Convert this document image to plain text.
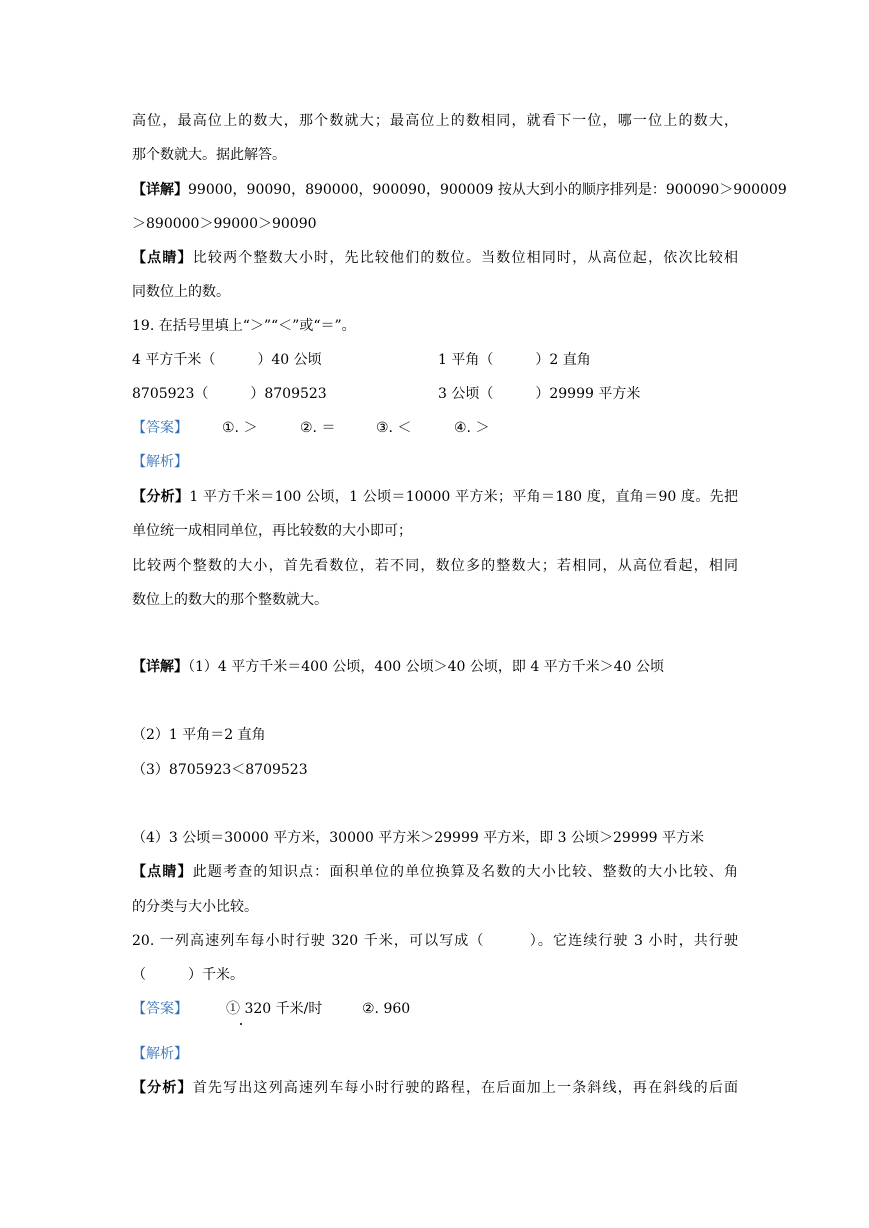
高位，最高位上的数大，那个数就大；最高位上的数相同，就看下一位，哪一位上的数大，
那个数就大。据此解答。
【详解】99000，90090，890000，900090，900009 按从大到小的顺序排列是：900090＞900009
＞890000＞99000＞90090
【点睛】比较两个整数大小时，先比较他们的数位。当数位相同时，从高位起，依次比较相
同数位上的数。
19. 在括号里填上“＞”“＜”或“＝”。
4 平方千米（　　　）40 公顷	1 平角（　　　）2 直角
8705923（　　　）8709523	3 公顷（　　　）29999 平方米
【答案】 ①. ＞	②. ＝	③. ＜	④. ＞
【解析】
【分析】1 平方千米＝100 公顷，1 公顷＝10000 平方米；平角＝180 度，直角＝90 度。先把
单位统一成相同单位，再比较数的大小即可；
比较两个整数的大小，首先看数位，若不同，数位多的整数大；若相同，从高位看起，相同
数位上的数大的那个整数就大。
【详解】（1）4 平方千米＝400 公顷，400 公顷＞40 公顷，即 4 平方千米＞40 公顷
（2）1 平角＝2 直角
（3）8705923＜8709523
（4）3 公顷＝30000 平方米，30000 平方米＞29999 平方米，即 3 公顷＞29999 平方米
【点睛】此题考查的知识点：面积单位的单位换算及名数的大小比较、整数的大小比较、角
的分类与大小比较。
20. 一列高速列车每小时行驶 320 千米，可以写成（　　　）。它连续行驶 3 小时，共行驶
（　　　）千米。
【答案】	① 320 千米/时	②. 960
【解析】
【分析】首先写出这列高速列车每小时行驶的路程，在后面加上一条斜线，再在斜线的后面
